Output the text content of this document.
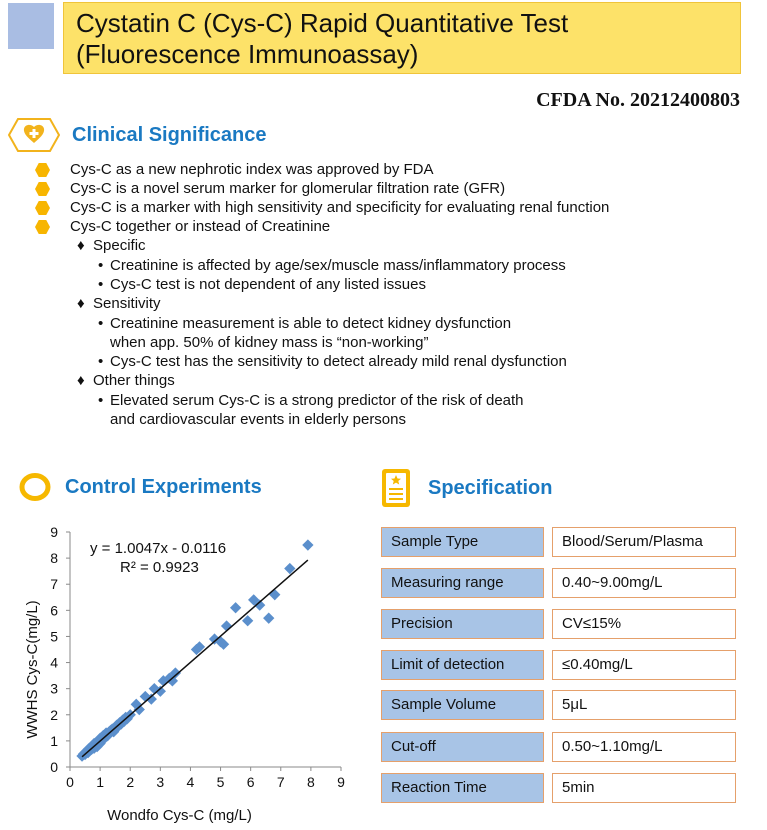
Cystatin C (Cys-C) Rapid Quantitative Test
(Fluorescence Immunoassay)
CFDA No. 20212400803
Clinical Significance
Cys-C as a new nephrotic index was approved by FDA
Cys-C is a novel serum marker for glomerular filtration rate (GFR)
Cys-C is a marker with high sensitivity and specificity for evaluating renal function
Cys-C together or instead of Creatinine
♦ Specific
• Creatinine is affected by age/sex/muscle mass/inflammatory process
• Cys-C test is not dependent of any listed issues
♦ Sensitivity
• Creatinine measurement is able to detect kidney dysfunction
when app. 50% of kidney mass is “non-working”
• Cys-C test has the sensitivity to detect already mild renal dysfunction
♦ Other things
• Elevated serum Cys-C is a strong predictor of the risk of death
and cardiovascular events in elderly persons
Control Experiments
0 1 2 3 4 5 6 7 8 9
0
1
2
3
4
5
6
7
8
9
Wondfo Cys-C (mg/L)
WWHS Cys-C(mg/L)
y = 1.0047x - 0.0116
R² = 0.9923
Specification
Sample Type	Blood/Serum/Plasma
Measuring range	0.40~9.00mg/L
Precision	CV≤15%
Limit of detection	≤0.40mg/L
Sample Volume	5μL
Cut-off	0.50~1.10mg/L
Reaction Time	5min
